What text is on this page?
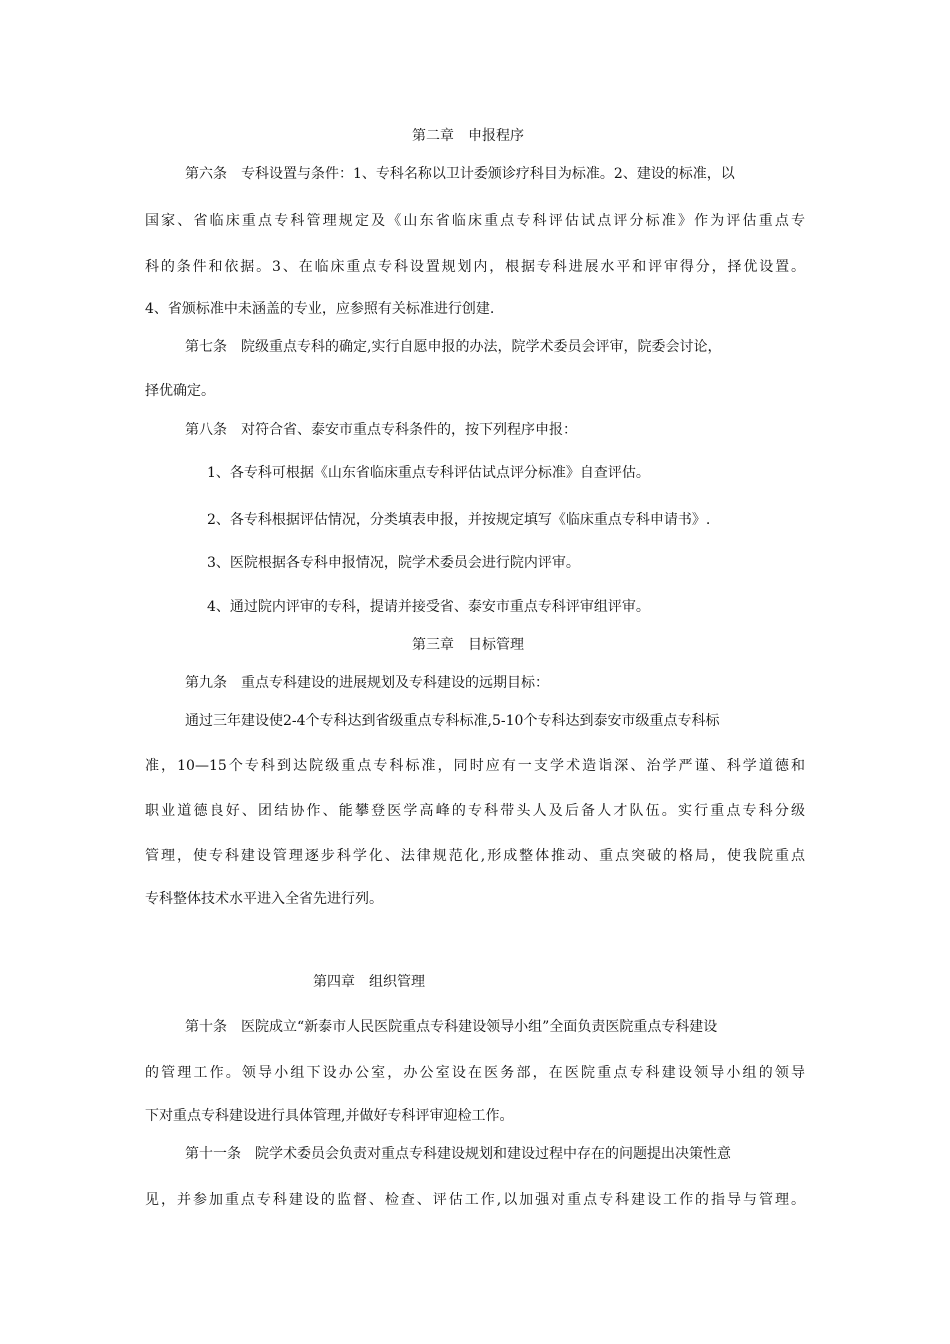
第二章　申报程序
第六条　专科设置与条件：1、专科名称以卫计委颁诊疗科目为标准。2、建设的标准，以
国家、省临床重点专科管理规定及《山东省临床重点专科评估试点评分标准》作为评估重点专
科的条件和依据。3、在临床重点专科设置规划内，根据专科进展水平和评审得分，择优设置。
4、省颁标准中未涵盖的专业，应参照有关标准进行创建.
第七条　院级重点专科的确定,实行自愿申报的办法，院学术委员会评审，院委会讨论，
择优确定。
第八条　对符合省、泰安市重点专科条件的，按下列程序申报：
1、各专科可根据《山东省临床重点专科评估试点评分标准》自查评估。
2、各专科根据评估情况，分类填表申报，并按规定填写《临床重点专科申请书》.
3、医院根据各专科申报情况，院学术委员会进行院内评审。
4、通过院内评审的专科，提请并接受省、泰安市重点专科评审组评审。
第三章　目标管理
第九条　重点专科建设的进展规划及专科建设的远期目标：
通过三年建设使2-4个专科达到省级重点专科标准,5-10个专科达到泰安市级重点专科标
准，10—15个专科到达院级重点专科标准，同时应有一支学术造诣深、治学严谨、科学道德和
职业道德良好、团结协作、能攀登医学高峰的专科带头人及后备人才队伍。实行重点专科分级
管理，使专科建设管理逐步科学化、法律规范化,形成整体推动、重点突破的格局，使我院重点
专科整体技术水平进入全省先进行列。
第四章　组织管理
第十条　医院成立“新泰市人民医院重点专科建设领导小组”全面负责医院重点专科建设
的管理工作。领导小组下设办公室，办公室设在医务部，在医院重点专科建设领导小组的领导
下对重点专科建设进行具体管理,并做好专科评审迎检工作。
第十一条　院学术委员会负责对重点专科建设规划和建设过程中存在的问题提出决策性意
见，并参加重点专科建设的监督、检查、评估工作,以加强对重点专科建设工作的指导与管理。
